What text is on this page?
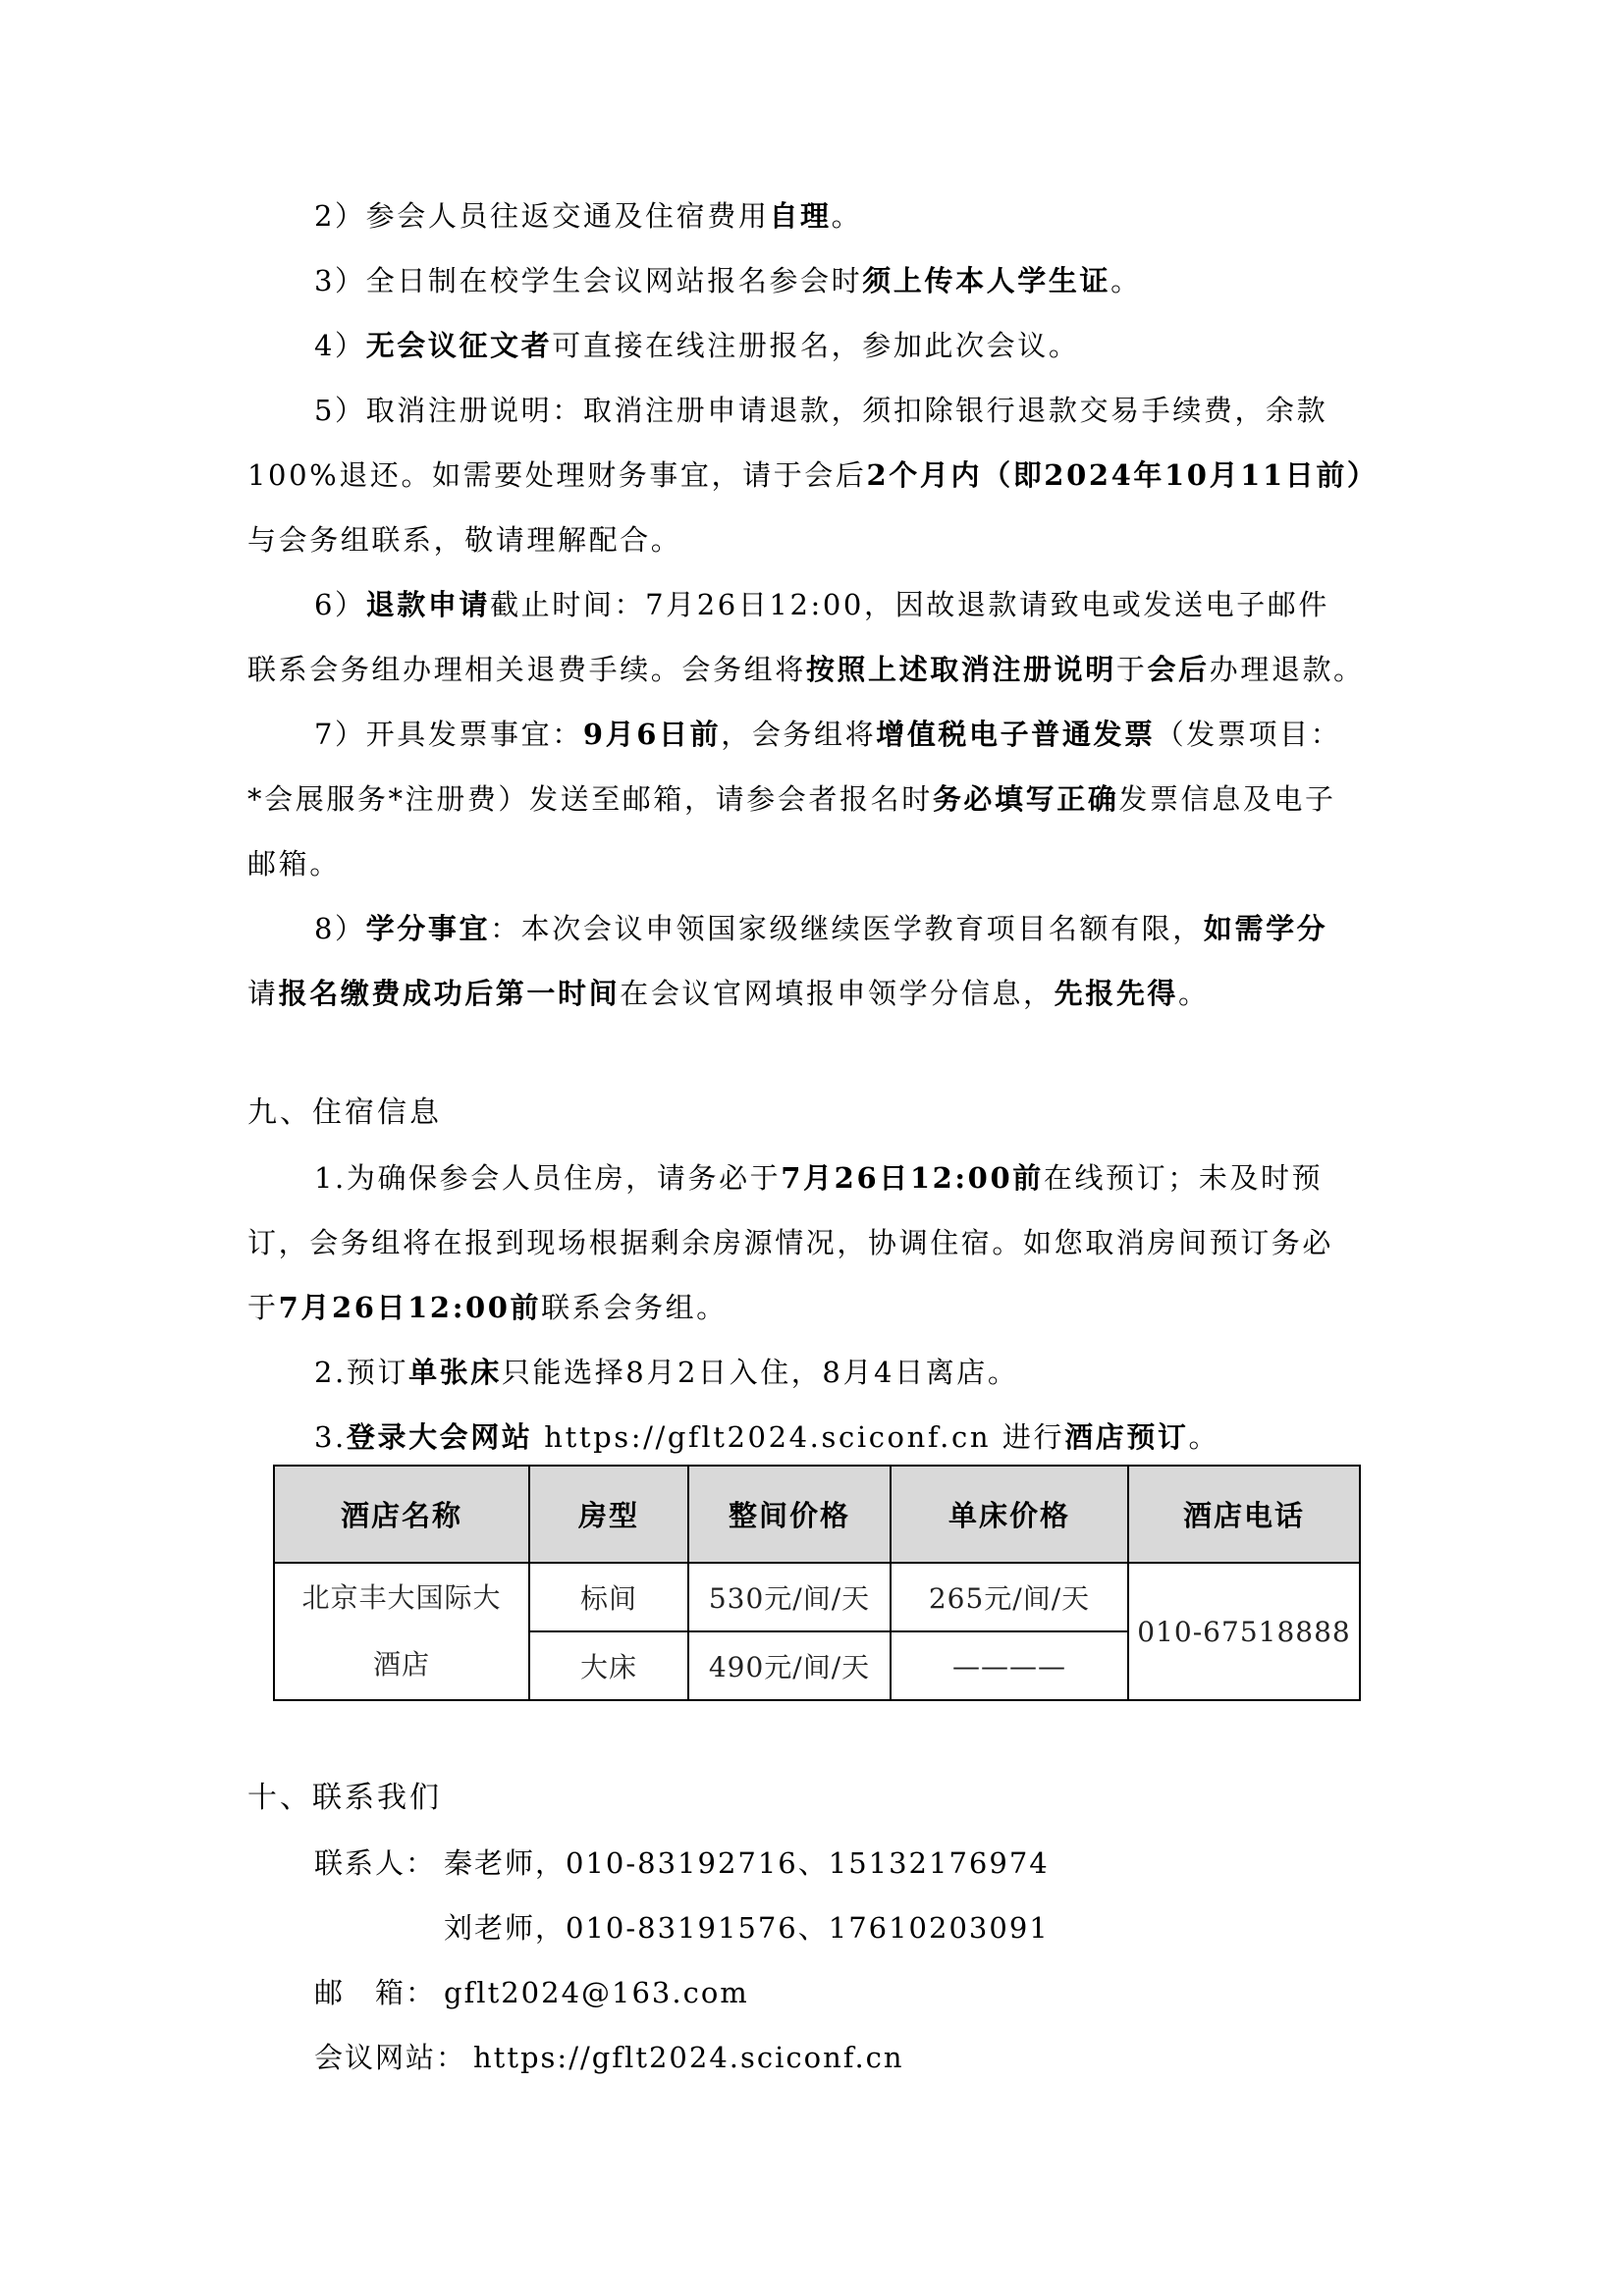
2）参会人员往返交通及住宿费用自理。
3）全日制在校学生会议网站报名参会时须上传本人学生证。
4）无会议征文者可直接在线注册报名，参加此次会议。
5）取消注册说明：取消注册申请退款，须扣除银行退款交易手续费，余款
100%退还。如需要处理财务事宜，请于会后2个月内（即2024年10月11日前）
与会务组联系，敬请理解配合。
6）退款申请截止时间：7月26日12:00，因故退款请致电或发送电子邮件
联系会务组办理相关退费手续。会务组将按照上述取消注册说明于会后办理退款。
7）开具发票事宜：9月6日前，会务组将增值税电子普通发票（发票项目：
*会展服务*注册费）发送至邮箱，请参会者报名时务必填写正确发票信息及电子
邮箱。
8）学分事宜：本次会议申领国家级继续医学教育项目名额有限，如需学分
请报名缴费成功后第一时间在会议官网填报申领学分信息，先报先得。
九、住宿信息
1.为确保参会人员住房，请务必于7月26日12:00前在线预订；未及时预
订，会务组将在报到现场根据剩余房源情况，协调住宿。如您取消房间预订务必
于7月26日12:00前联系会务组。
2.预订单张床只能选择8月2日入住，8月4日离店。
3.登录大会网站 https://gflt2024.sciconf.cn 进行酒店预订。
酒店名称	房型	整间价格	单床价格	酒店电话

北京丰大国际大
酒店	标间	530元/间/天	265元/间/天	010-67518888
	大床	490元/间/天	————	
十、联系我们
联系人： 秦老师，010-83192716、15132176974
刘老师，010-83191576、17610203091
邮　箱： gflt2024@163.com
会议网站： https://gflt2024.sciconf.cn
